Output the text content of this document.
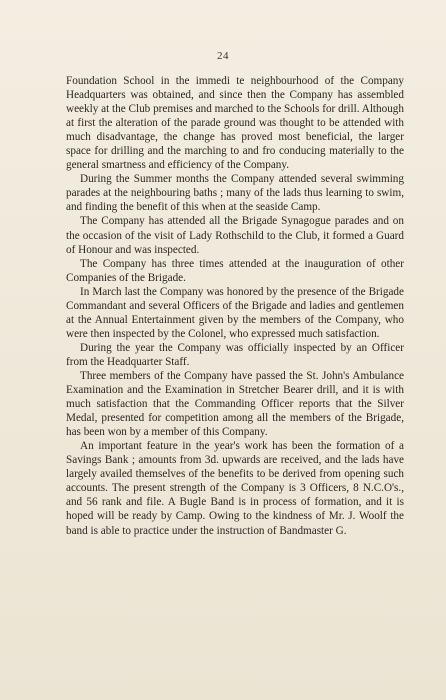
24

Foundation School in the immedi te neighbourhood of the Company Headquarters was obtained, and since then the Company has assembled weekly at the Club premises and marched to the Schools for drill. Although at first the alteration of the parade ground was thought to be attended with much disadvantage, the change has proved most beneficial, the larger space for drilling and the marching to and fro conducing materially to the general smartness and efficiency of the Company.

During the Summer months the Company attended several swimming parades at the neighbouring baths ; many of the lads thus learning to swim, and finding the benefit of this when at the seaside Camp.

The Company has attended all the Brigade Synagogue parades and on the occasion of the visit of Lady Rothschild to the Club, it formed a Guard of Honour and was inspected.

The Company has three times attended at the inauguration of other Companies of the Brigade.

In March last the Company was honored by the presence of the Brigade Commandant and several Officers of the Brigade and ladies and gentlemen at the Annual Entertainment given by the members of the Company, who were then inspected by the Colonel, who expressed much satisfaction.

During the year the Company was officially inspected by an Officer from the Headquarter Staff.

Three members of the Company have passed the St. John's Ambulance Examination and the Examination in Stretcher Bearer drill, and it is with much satisfaction that the Commanding Officer reports that the Silver Medal, presented for competition among all the members of the Brigade, has been won by a member of this Company.

An important feature in the year's work has been the formation of a Savings Bank ; amounts from 3d. upwards are received, and the lads have largely availed themselves of the benefits to be derived from opening such accounts. The present strength of the Company is 3 Officers, 8 N.C.O's., and 56 rank and file. A Bugle Band is in process of formation, and it is hoped will be ready by Camp. Owing to the kindness of Mr. J. Woolf the band is able to practice under the instruction of Bandmaster G.
